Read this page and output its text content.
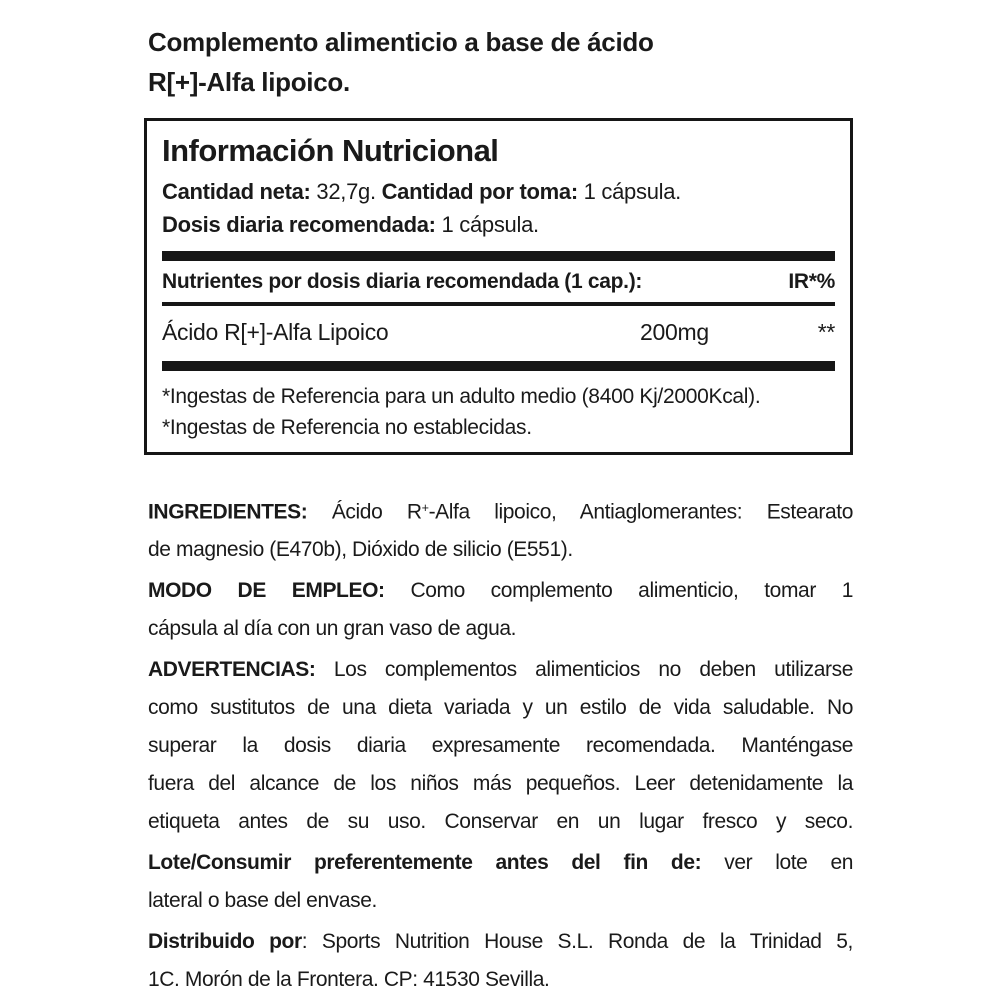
Complemento alimenticio a base de ácido
R[+]-Alfa lipoico.
Información Nutricional
Cantidad neta: 32,7g. Cantidad por toma: 1 cápsula.
Dosis diaria recomendada: 1 cápsula.
Nutrientes por dosis diaria recomendada (1 cap.):	IR*%
Ácido R[+]-Alfa Lipoico	200mg	**
*Ingestas de Referencia para un adulto medio (8400 Kj/2000Kcal).
*Ingestas de Referencia no establecidas.
INGREDIENTES: Ácido R+-Alfa lipoico, Antiaglomerantes: Estearato
de magnesio (E470b), Dióxido de silicio (E551).
MODO DE EMPLEO: Como complemento alimenticio, tomar 1
cápsula al día con un gran vaso de agua.
ADVERTENCIAS: Los complementos alimenticios no deben utilizarse
como sustitutos de una dieta variada y un estilo de vida saludable. No
superar la dosis diaria expresamente recomendada. Manténgase
fuera del alcance de los niños más pequeños. Leer detenidamente la
etiqueta antes de su uso. Conservar en un lugar fresco y seco.
Lote/Consumir preferentemente antes del fin de: ver lote en
lateral o base del envase.
Distribuido por: Sports Nutrition House S.L. Ronda de la Trinidad 5,
1C. Morón de la Frontera. CP: 41530 Sevilla.
